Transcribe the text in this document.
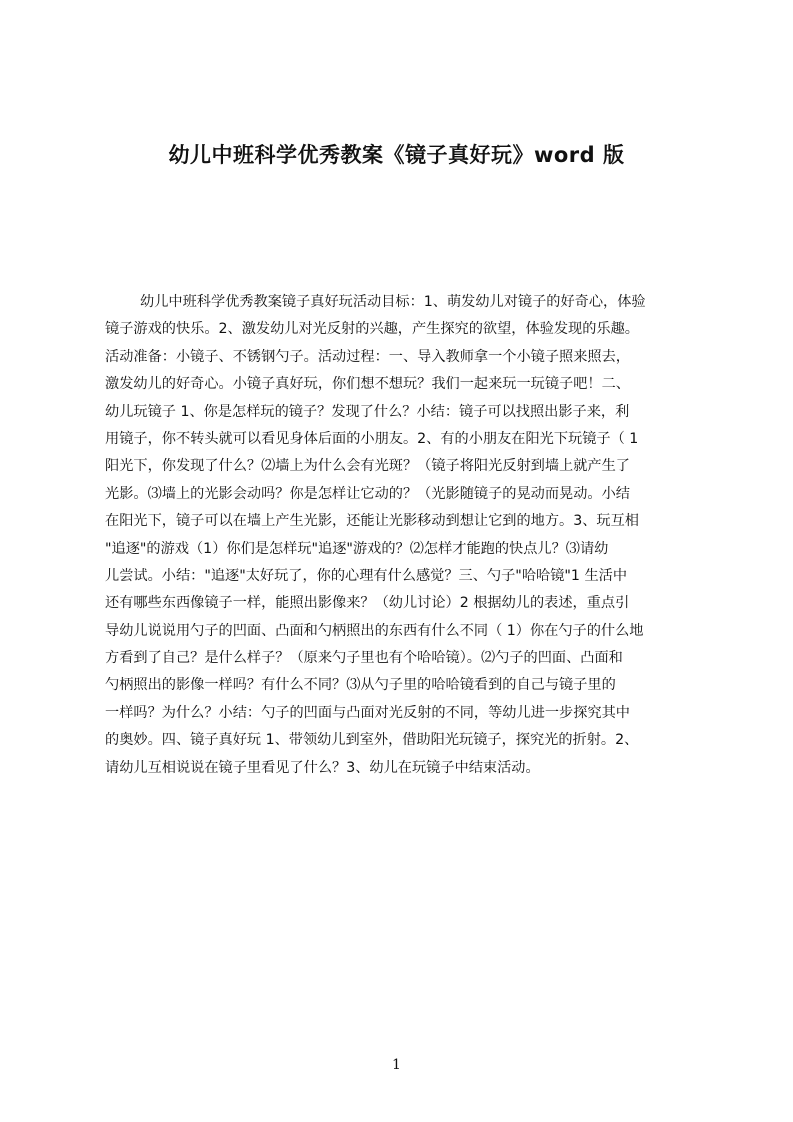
幼儿中班科学优秀教案《镜子真好玩》word 版
幼儿中班科学优秀教案镜子真好玩活动目标：1、萌发幼儿对镜子的好奇心，体验
镜子游戏的快乐。2、激发幼儿对光反射的兴趣，产生探究的欲望，体验发现的乐趣。
活动准备：小镜子、不锈钢勺子。活动过程：一、导入教师拿一个小镜子照来照去，
激发幼儿的好奇心。小镜子真好玩，你们想不想玩？我们一起来玩一玩镜子吧！二、
幼儿玩镜子 1、你是怎样玩的镜子？发现了什么？小结：镜子可以找照出影子来，利
用镜子，你不转头就可以看见身体后面的小朋友。2、有的小朋友在阳光下玩镜子（ 1
阳光下，你发现了什么？⑵墙上为什么会有光斑？（镜子将阳光反射到墙上就产生了
光影。⑶墙上的光影会动吗？你是怎样让它动的？（光影随镜子的晃动而晃动。小结
在阳光下，镜子可以在墙上产生光影，还能让光影移动到想让它到的地方。3、玩互相
"追逐"的游戏（1）你们是怎样玩"追逐"游戏的？⑵怎样才能跑的快点儿？⑶请幼
儿尝试。小结："追逐"太好玩了，你的心理有什么感觉？三、勺子"哈哈镜"1 生活中
还有哪些东西像镜子一样，能照出影像来？（幼儿讨论）2 根据幼儿的表述，重点引
导幼儿说说用勺子的凹面、凸面和勺柄照出的东西有什么不同（ 1）你在勺子的什么地
方看到了自己？是什么样子？（原来勺子里也有个哈哈镜）。⑵勺子的凹面、凸面和
勺柄照出的影像一样吗？有什么不同？⑶从勺子里的哈哈镜看到的自己与镜子里的
一样吗？为什么？小结：勺子的凹面与凸面对光反射的不同，等幼儿进一步探究其中
的奥妙。四、镜子真好玩 1、带领幼儿到室外，借助阳光玩镜子，探究光的折射。2、
请幼儿互相说说在镜子里看见了什么？3、幼儿在玩镜子中结束活动。
1
